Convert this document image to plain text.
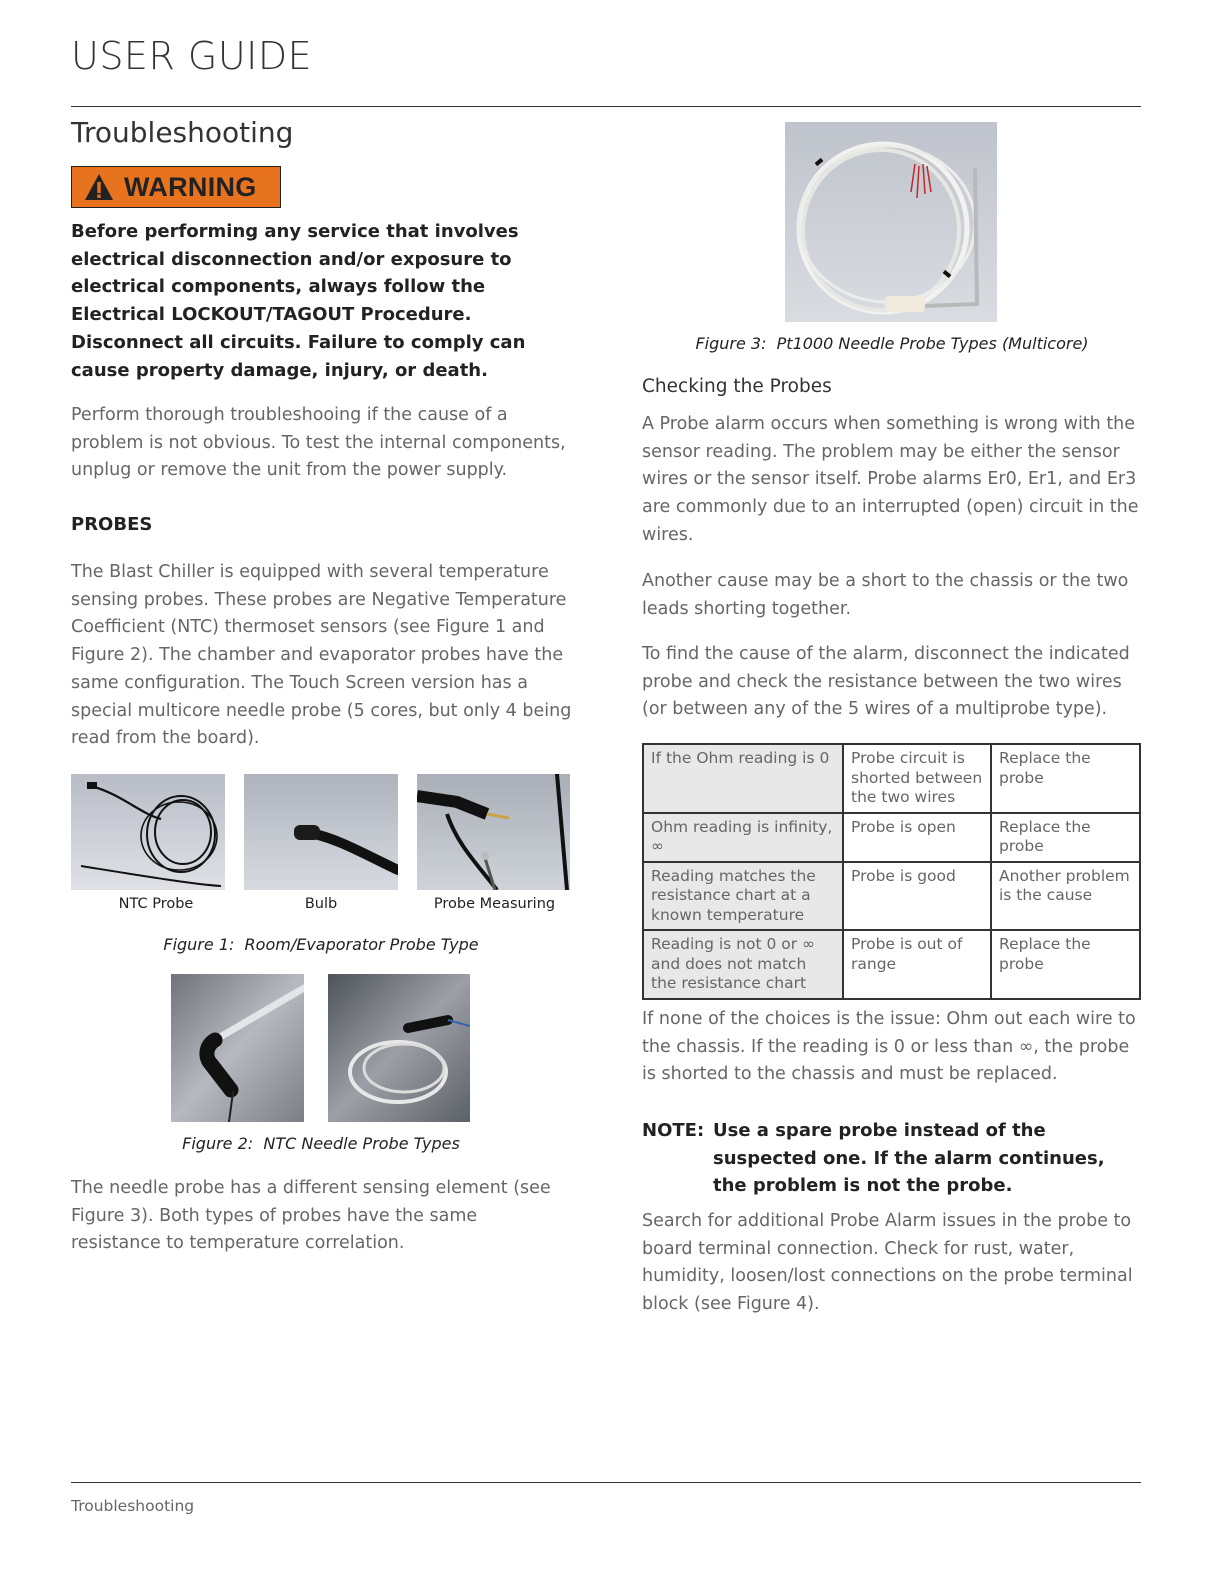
USER GUIDE
Troubleshooting
WARNING

Before performing any service that involves electrical disconnection and/or exposure to electrical components, always follow the Electrical LOCKOUT/TAGOUT Procedure. Disconnect all circuits. Failure to comply can cause property damage, injury, or death.

Perform thorough troubleshooing if the cause of a problem is not obvious. To test the internal components, unplug or remove the unit from the power supply.

PROBES

The Blast Chiller is equipped with several temperature sensing probes. These probes are Negative Temperature Coefficient (NTC) thermoset sensors (see Figure 1 and Figure 2). The chamber and evaporator probes have the same configuration. The Touch Screen version has a special multicore needle probe (5 cores, but only 4 being read from the board).

NTC Probe	Bulb	Probe Measuring
Figure 1:  Room/Evaporator Probe Type
Figure 2:  NTC Needle Probe Types

The needle probe has a different sensing element (see Figure 3). Both types of probes have the same resistance to temperature correlation.

Figure 3:  Pt1000 Needle Probe Types (Multicore)
Checking the Probes

A Probe alarm occurs when something is wrong with the sensor reading. The problem may be either the sensor wires or the sensor itself. Probe alarms Er0, Er1, and Er3 are commonly due to an interrupted (open) circuit in the wires.

Another cause may be a short to the chassis or the two leads shorting together.

To find the cause of the alarm, disconnect the indicated probe and check the resistance between the two wires (or between any of the 5 wires of a multiprobe type).

If the Ohm reading is 0	Probe circuit is shorted between the two wires	Replace the probe
Ohm reading is infinity, ∞	Probe is open	Replace the probe
Reading matches the resistance chart at a known temperature	Probe is good	Another problem is the cause
Reading is not 0 or ∞ and does not match the resistance chart	Probe is out of range	Replace the probe

If none of the choices is the issue: Ohm out each wire to the chassis. If the reading is 0 or less than ∞, the probe is shorted to the chassis and must be replaced.

NOTE: Use a spare probe instead of the suspected one. If the alarm continues, the problem is not the probe.

Search for additional Probe Alarm issues in the probe to board terminal connection. Check for rust, water, humidity, loosen/lost connections on the probe terminal block (see Figure 4).

Troubleshooting
